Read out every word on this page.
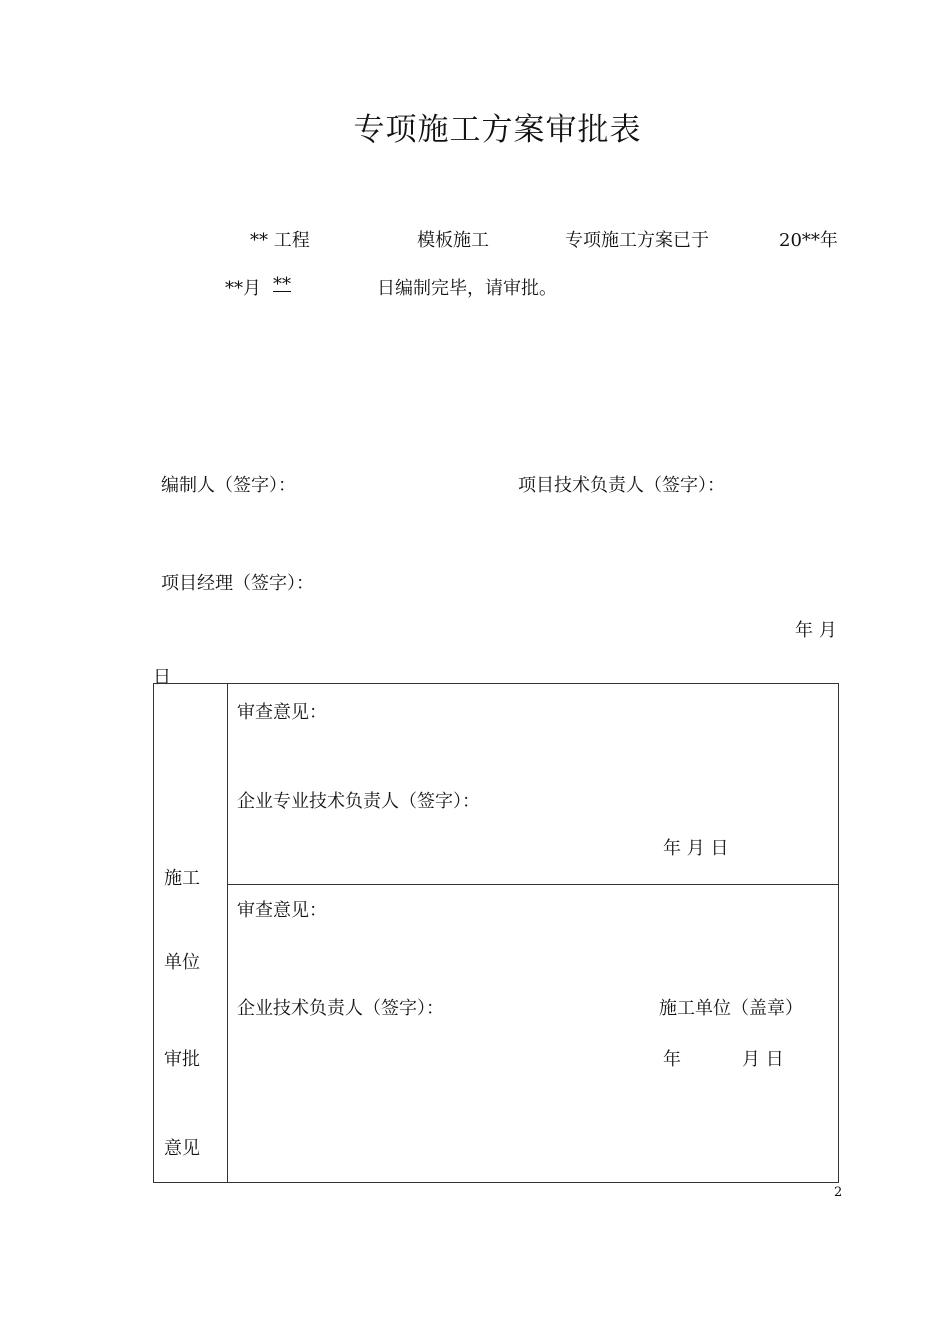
专项施工方案审批表
** 工程	模板施工	专项施工方案已于	20**年
**月 **	日编制完毕，请审批。
编制人（签字）：	项目技术负责人（签字）：
项目经理（签字）：
年 月
日
施工
单位
审批
意见
审查意见：
企业专业技术负责人（签字）：
年 月 日
审查意见：
企业技术负责人（签字）：	施工单位（盖章）
年	月 日
2
